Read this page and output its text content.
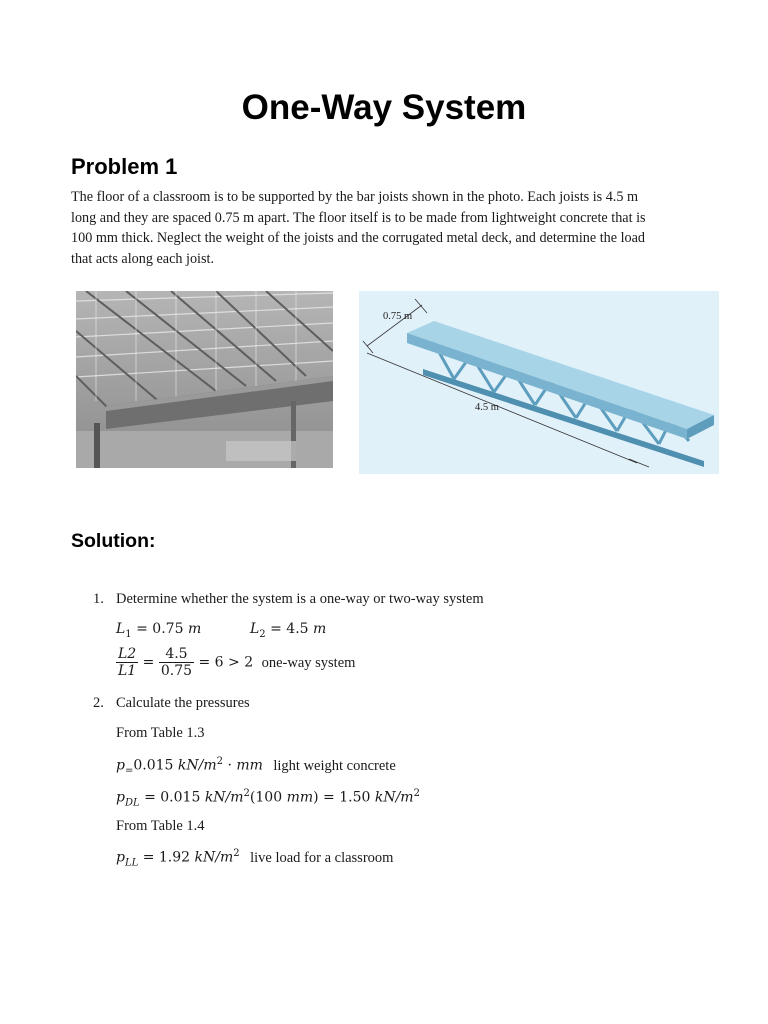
One-Way System
Problem 1
The floor of a classroom is to be supported by the bar joists shown in the photo. Each joists is 4.5 m
long and they are spaced 0.75 m apart. The floor itself is to be made from lightweight concrete that is
100 mm thick. Neglect the weight of the joists and the corrugated metal deck, and determine the load
that acts along each joist.
0.75 m
4.5 m
Solution:
1. Determine whether the system is a one-way or two-way system
$L_1 = 0.75$ m	$L_2 = 4.5$ m
$\frac{L2}{L1} = \frac{4.5}{0.75} = 6 > 2$ one-way system
2. Calculate the pressures
From Table 1.3
$p_=0.015$ $kN/m^2$ · mm light weight concrete
$p_{DL} = 0.015$ $kN/m^2(100$ mm) = 1.50 $kN/m^2$
From Table 1.4
$p_{LL} = 1.92$ $kN/m^2$ live load for a classroom
